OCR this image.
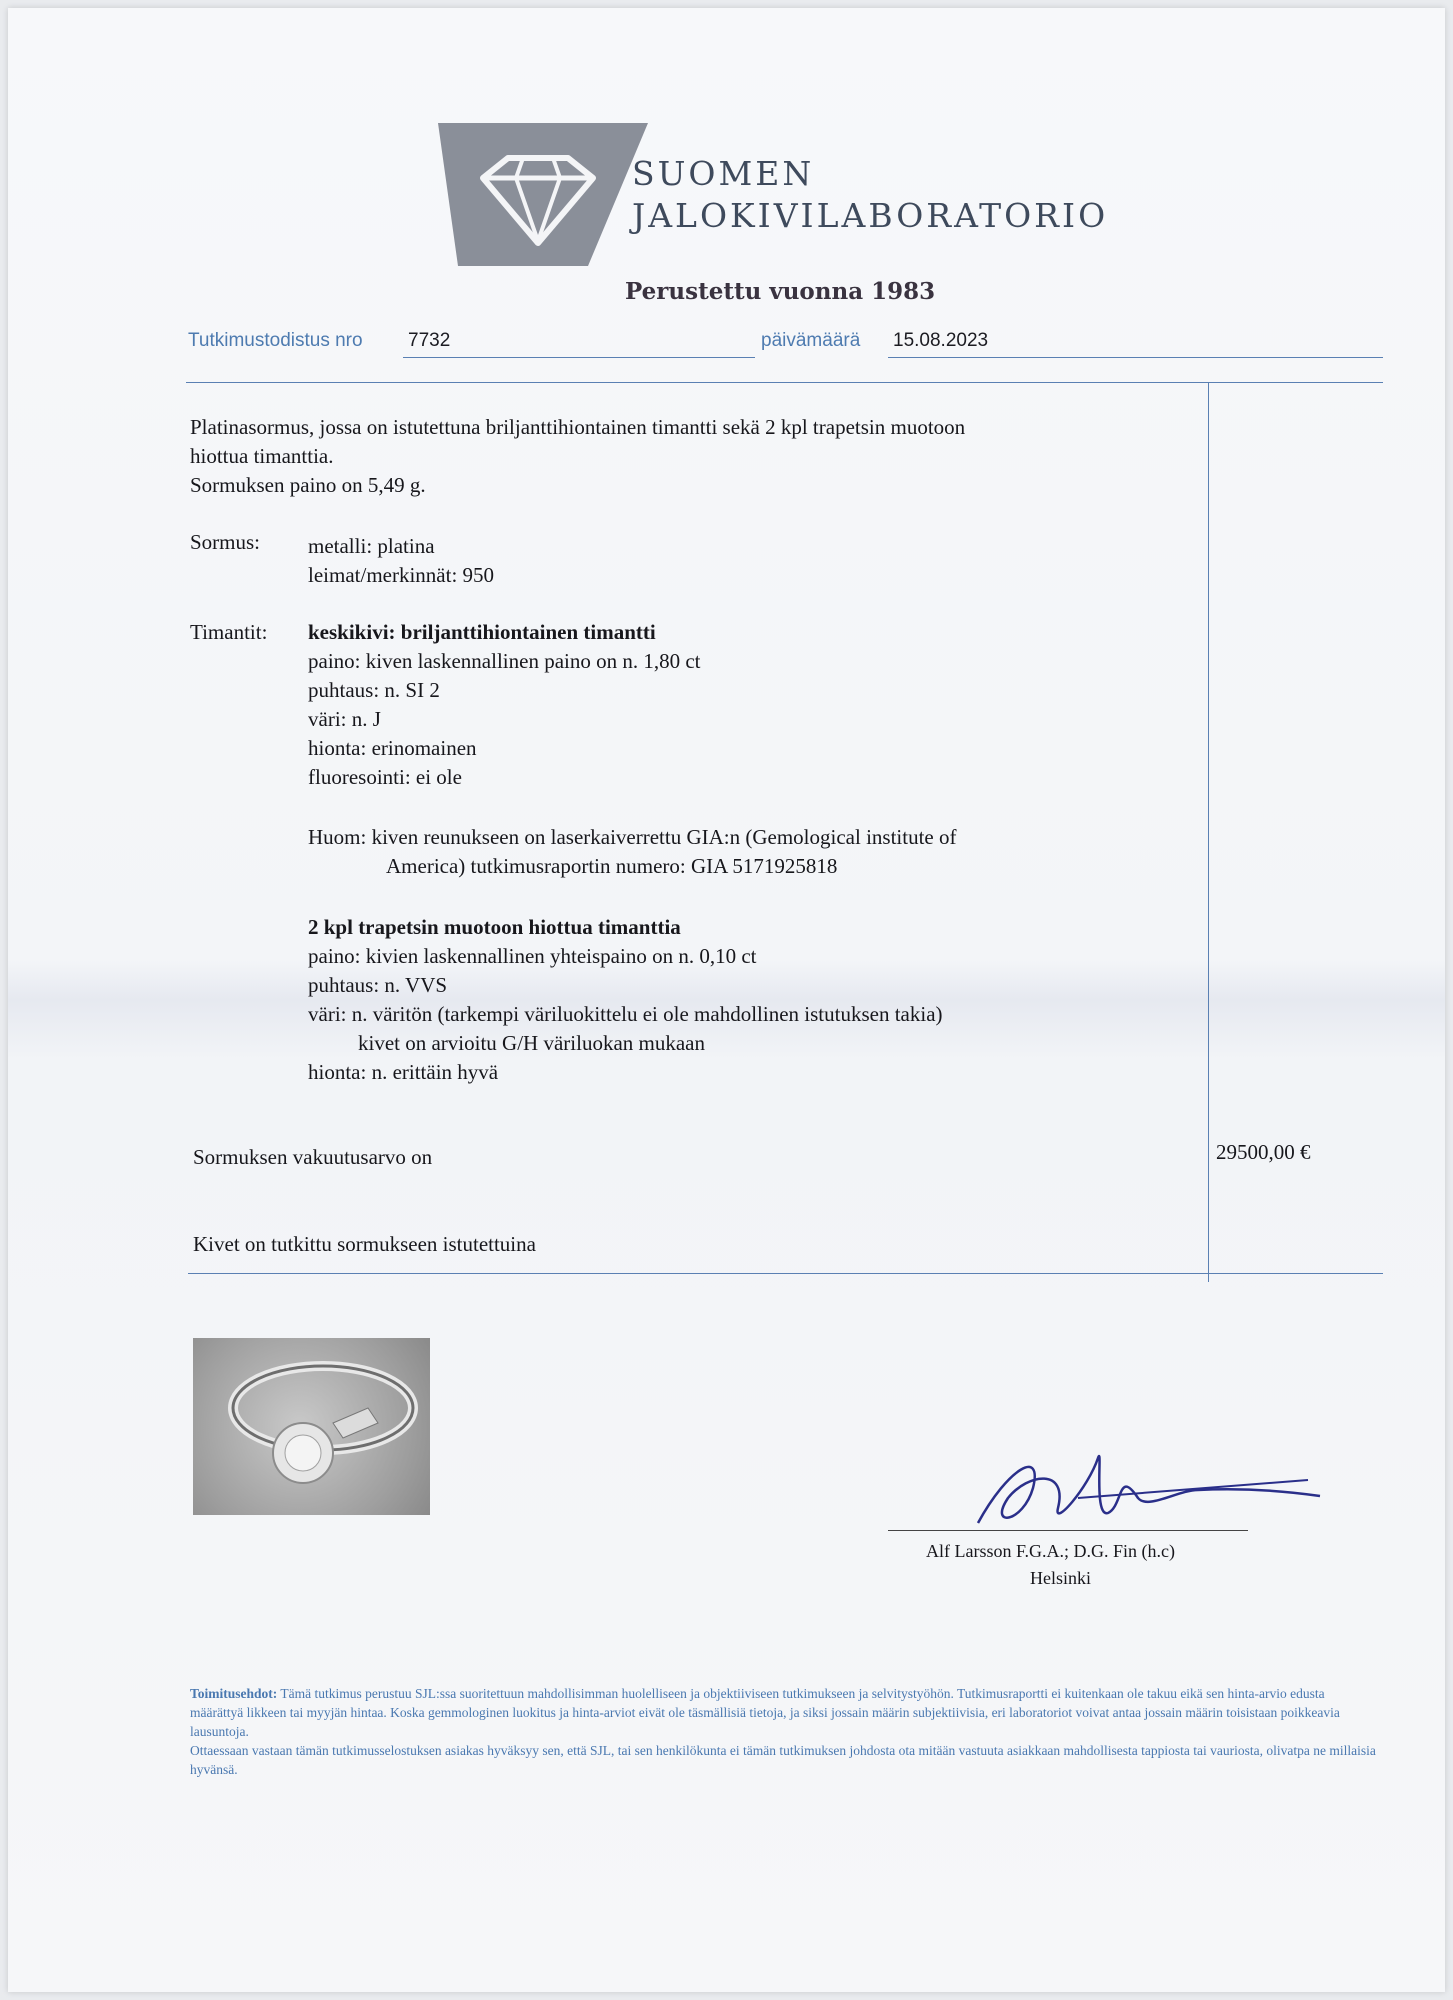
SUOMEN
JALOKIVILABORATORIO
Perustettu vuonna 1983
Tutkimustodistus nro 7732	päivämäärä 15.08.2023
Platinasormus, jossa on istutettuna briljanttihiontainen timantti sekä 2 kpl trapetsin muotoon
hiottua timanttia.
Sormuksen paino on 5,49 g.
Sormus: metalli: platina
leimat/merkinnät: 950
Timantit: keskikivi: briljanttihiontainen timantti
paino: kiven laskennallinen paino on n. 1,80 ct
puhtaus: n. SI 2
väri: n. J
hionta: erinomainen
fluoresointi: ei ole
Huom: kiven reunukseen on laserkaiverrettu GIA:n (Gemological institute of
America) tutkimusraportin numero: GIA 5171925818
2 kpl trapetsin muotoon hiottua timanttia
paino: kivien laskennallinen yhteispaino on n. 0,10 ct
puhtaus: n. VVS
väri: n. väritön (tarkempi väriluokittelu ei ole mahdollinen istutuksen takia)
kivet on arvioitu G/H väriluokan mukaan
hionta: n. erittäin hyvä
Sormuksen vakuutusarvo on	29500,00 €
Kivet on tutkittu sormukseen istutettuina
Alf Larsson F.G.A.; D.G. Fin (h.c)
Helsinki
Toimitusehdot: Tämä tutkimus perustuu SJL:ssa suoritettuun mahdollisimman huolelliseen ja objektiiviseen tutkimukseen ja selvitystyöhön. Tutkimusraportti ei kuitenkaan ole takuu eikä sen hinta-arvio edusta määrättyä likkeen tai myyjän hintaa. Koska gemmologinen luokitus ja hinta-arviot eivät ole täsmällisiä tietoja, ja siksi jossain määrin subjektiivisia, eri laboratoriot voivat antaa jossain määrin toisistaan poikkeavia lausuntoja.
Ottaessaan vastaan tämän tutkimusselostuksen asiakas hyväksyy sen, että SJL, tai sen henkilökunta ei tämän tutkimuksen johdosta ota mitään vastuuta asiakkaan mahdollisesta tappiosta tai vauriosta, olivatpa ne millaisia hyvänsä.
